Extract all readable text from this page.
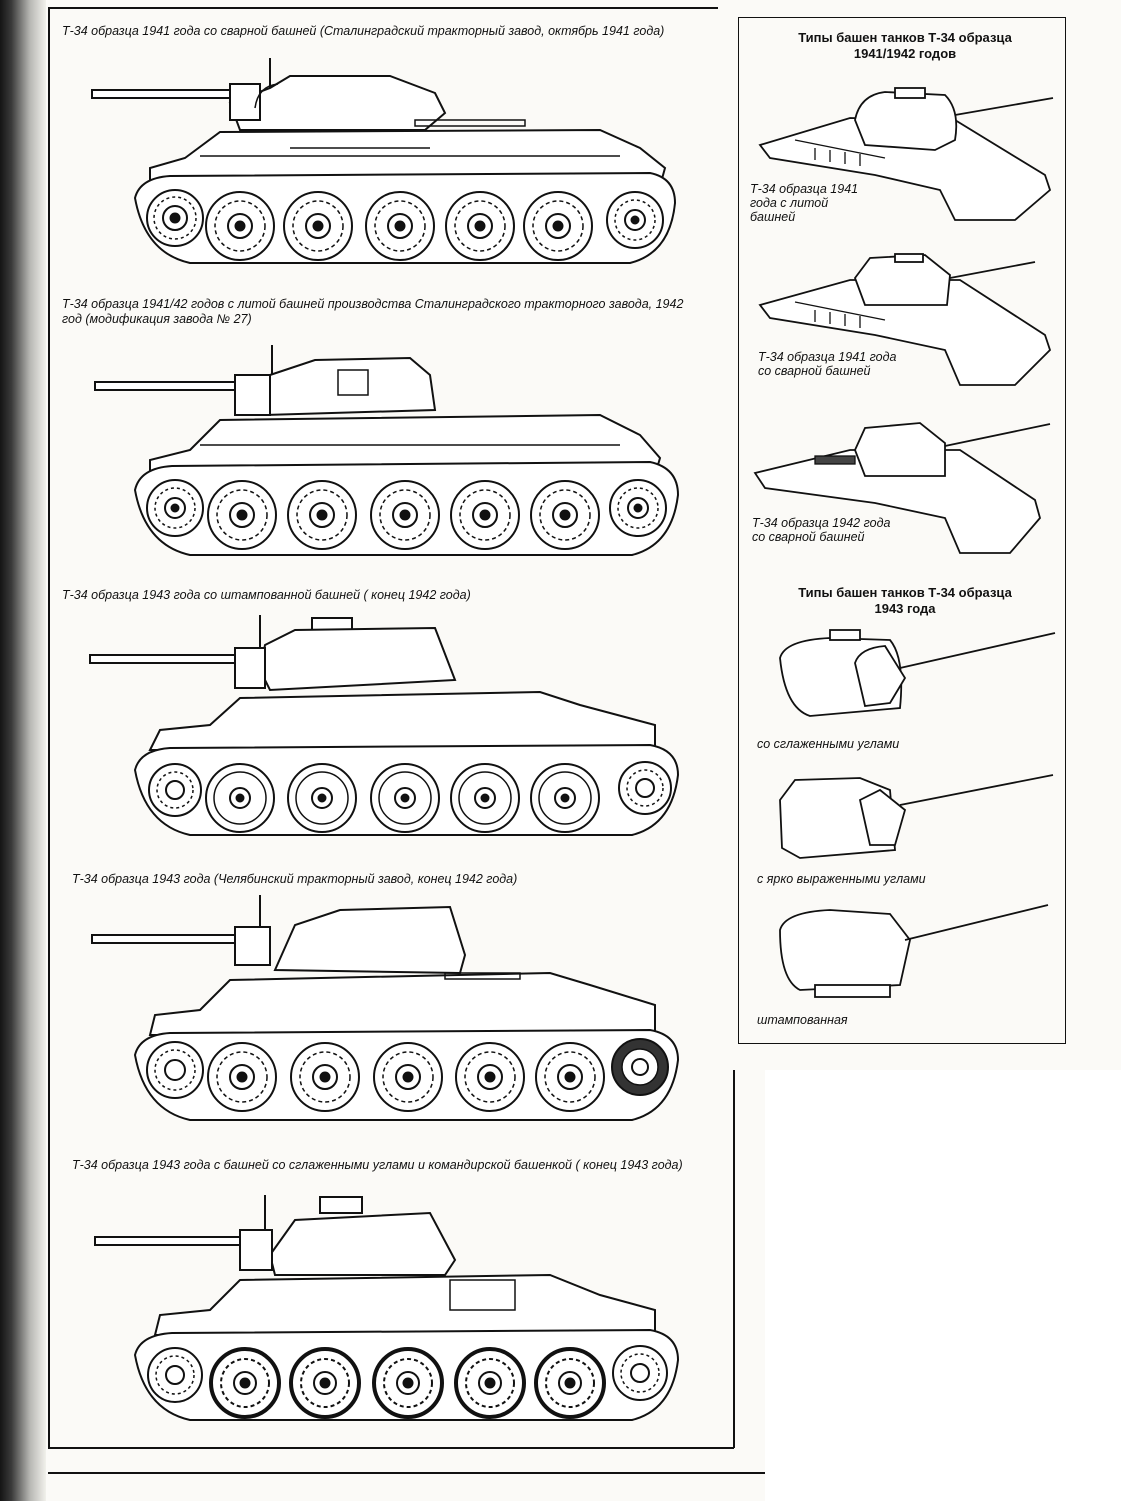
Т-34 образца 1941 года со сварной башней (Сталинградский тракторный завод, октябрь 1941 года)
Т-34 образца 1941/42 годов с литой башней производства Сталинградского тракторного завода, 1942 год (модификация завода № 27)
Т-34 образца 1943 года со штампованной башней ( конец 1942 года)
Т-34 образца 1943 года (Челябинский тракторный завод, конец 1942 года)
Т-34 образца 1943 года с башней со сглаженными углами и командирской башенкой ( конец 1943 года)
Типы башен танков Т-34 образца 1941/1942 годов
Т-34 образца 1941 года с литой башней
Т-34 образца 1941 года со сварной башней
Т-34 образца 1942 года со сварной башней
Типы башен танков Т-34 образца 1943 года
со сглаженными углами
с ярко выраженными углами
штампованная
